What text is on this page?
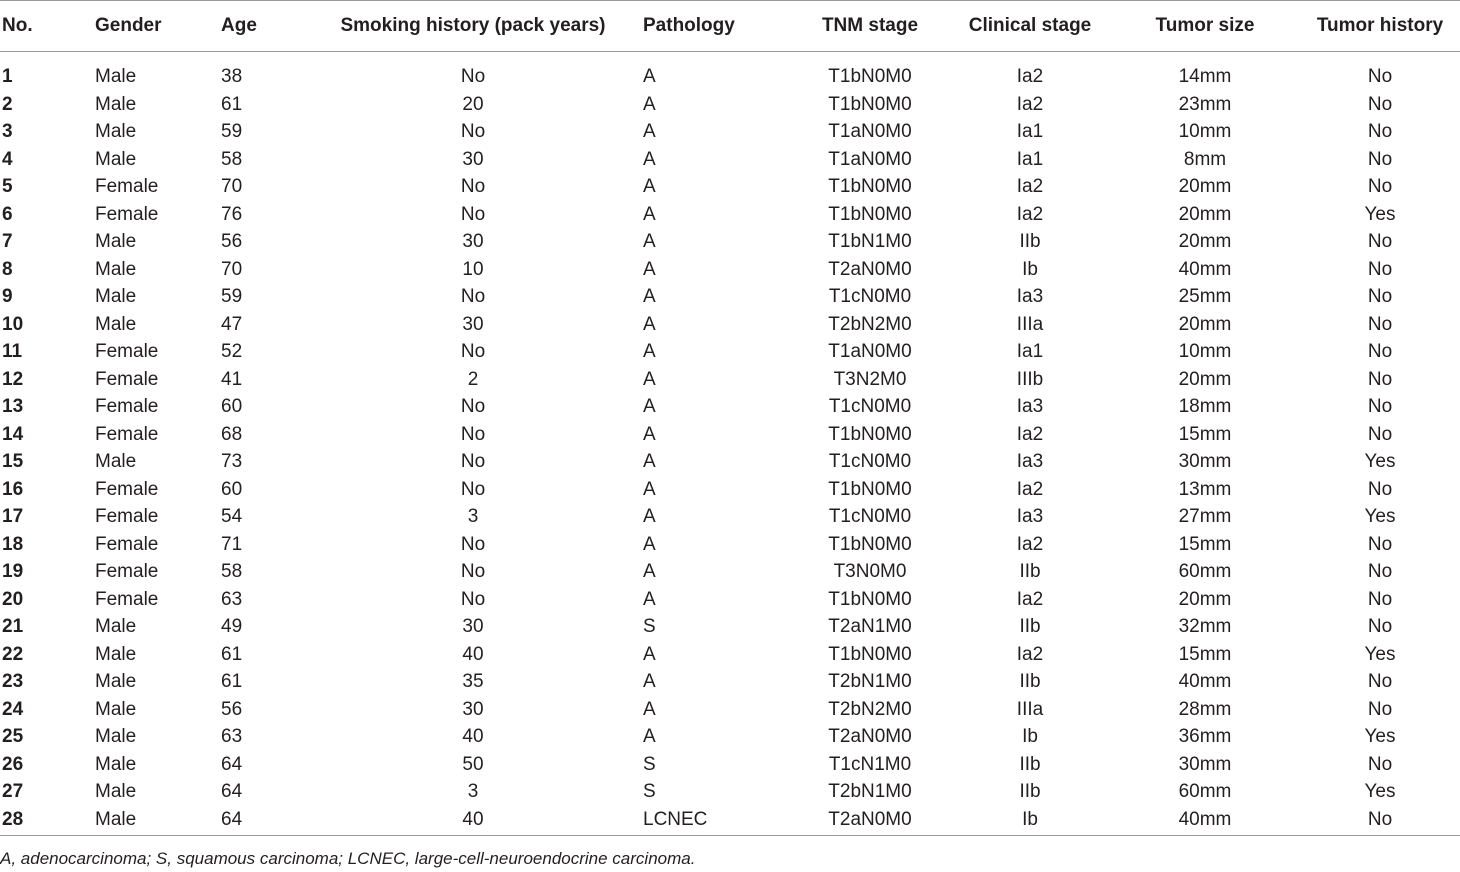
No.	Gender	Age	Smoking history (pack years)	Pathology	TNM stage	Clinical stage	Tumor size	Tumor history
1	Male	38	No	A	T1bN0M0	Ia2	14mm	No
2	Male	61	20	A	T1bN0M0	Ia2	23mm	No
3	Male	59	No	A	T1aN0M0	Ia1	10mm	No
4	Male	58	30	A	T1aN0M0	Ia1	8mm	No
5	Female	70	No	A	T1bN0M0	Ia2	20mm	No
6	Female	76	No	A	T1bN0M0	Ia2	20mm	Yes
7	Male	56	30	A	T1bN1M0	IIb	20mm	No
8	Male	70	10	A	T2aN0M0	Ib	40mm	No
9	Male	59	No	A	T1cN0M0	Ia3	25mm	No
10	Male	47	30	A	T2bN2M0	IIIa	20mm	No
11	Female	52	No	A	T1aN0M0	Ia1	10mm	No
12	Female	41	2	A	T3N2M0	IIIb	20mm	No
13	Female	60	No	A	T1cN0M0	Ia3	18mm	No
14	Female	68	No	A	T1bN0M0	Ia2	15mm	No
15	Male	73	No	A	T1cN0M0	Ia3	30mm	Yes
16	Female	60	No	A	T1bN0M0	Ia2	13mm	No
17	Female	54	3	A	T1cN0M0	Ia3	27mm	Yes
18	Female	71	No	A	T1bN0M0	Ia2	15mm	No
19	Female	58	No	A	T3N0M0	IIb	60mm	No
20	Female	63	No	A	T1bN0M0	Ia2	20mm	No
21	Male	49	30	S	T2aN1M0	IIb	32mm	No
22	Male	61	40	A	T1bN0M0	Ia2	15mm	Yes
23	Male	61	35	A	T2bN1M0	IIb	40mm	No
24	Male	56	30	A	T2bN2M0	IIIa	28mm	No
25	Male	63	40	A	T2aN0M0	Ib	36mm	Yes
26	Male	64	50	S	T1cN1M0	IIb	30mm	No
27	Male	64	3	S	T2bN1M0	IIb	60mm	Yes
28	Male	64	40	LCNEC	T2aN0M0	Ib	40mm	No
A, adenocarcinoma; S, squamous carcinoma; LCNEC, large-cell-neuroendocrine carcinoma.
